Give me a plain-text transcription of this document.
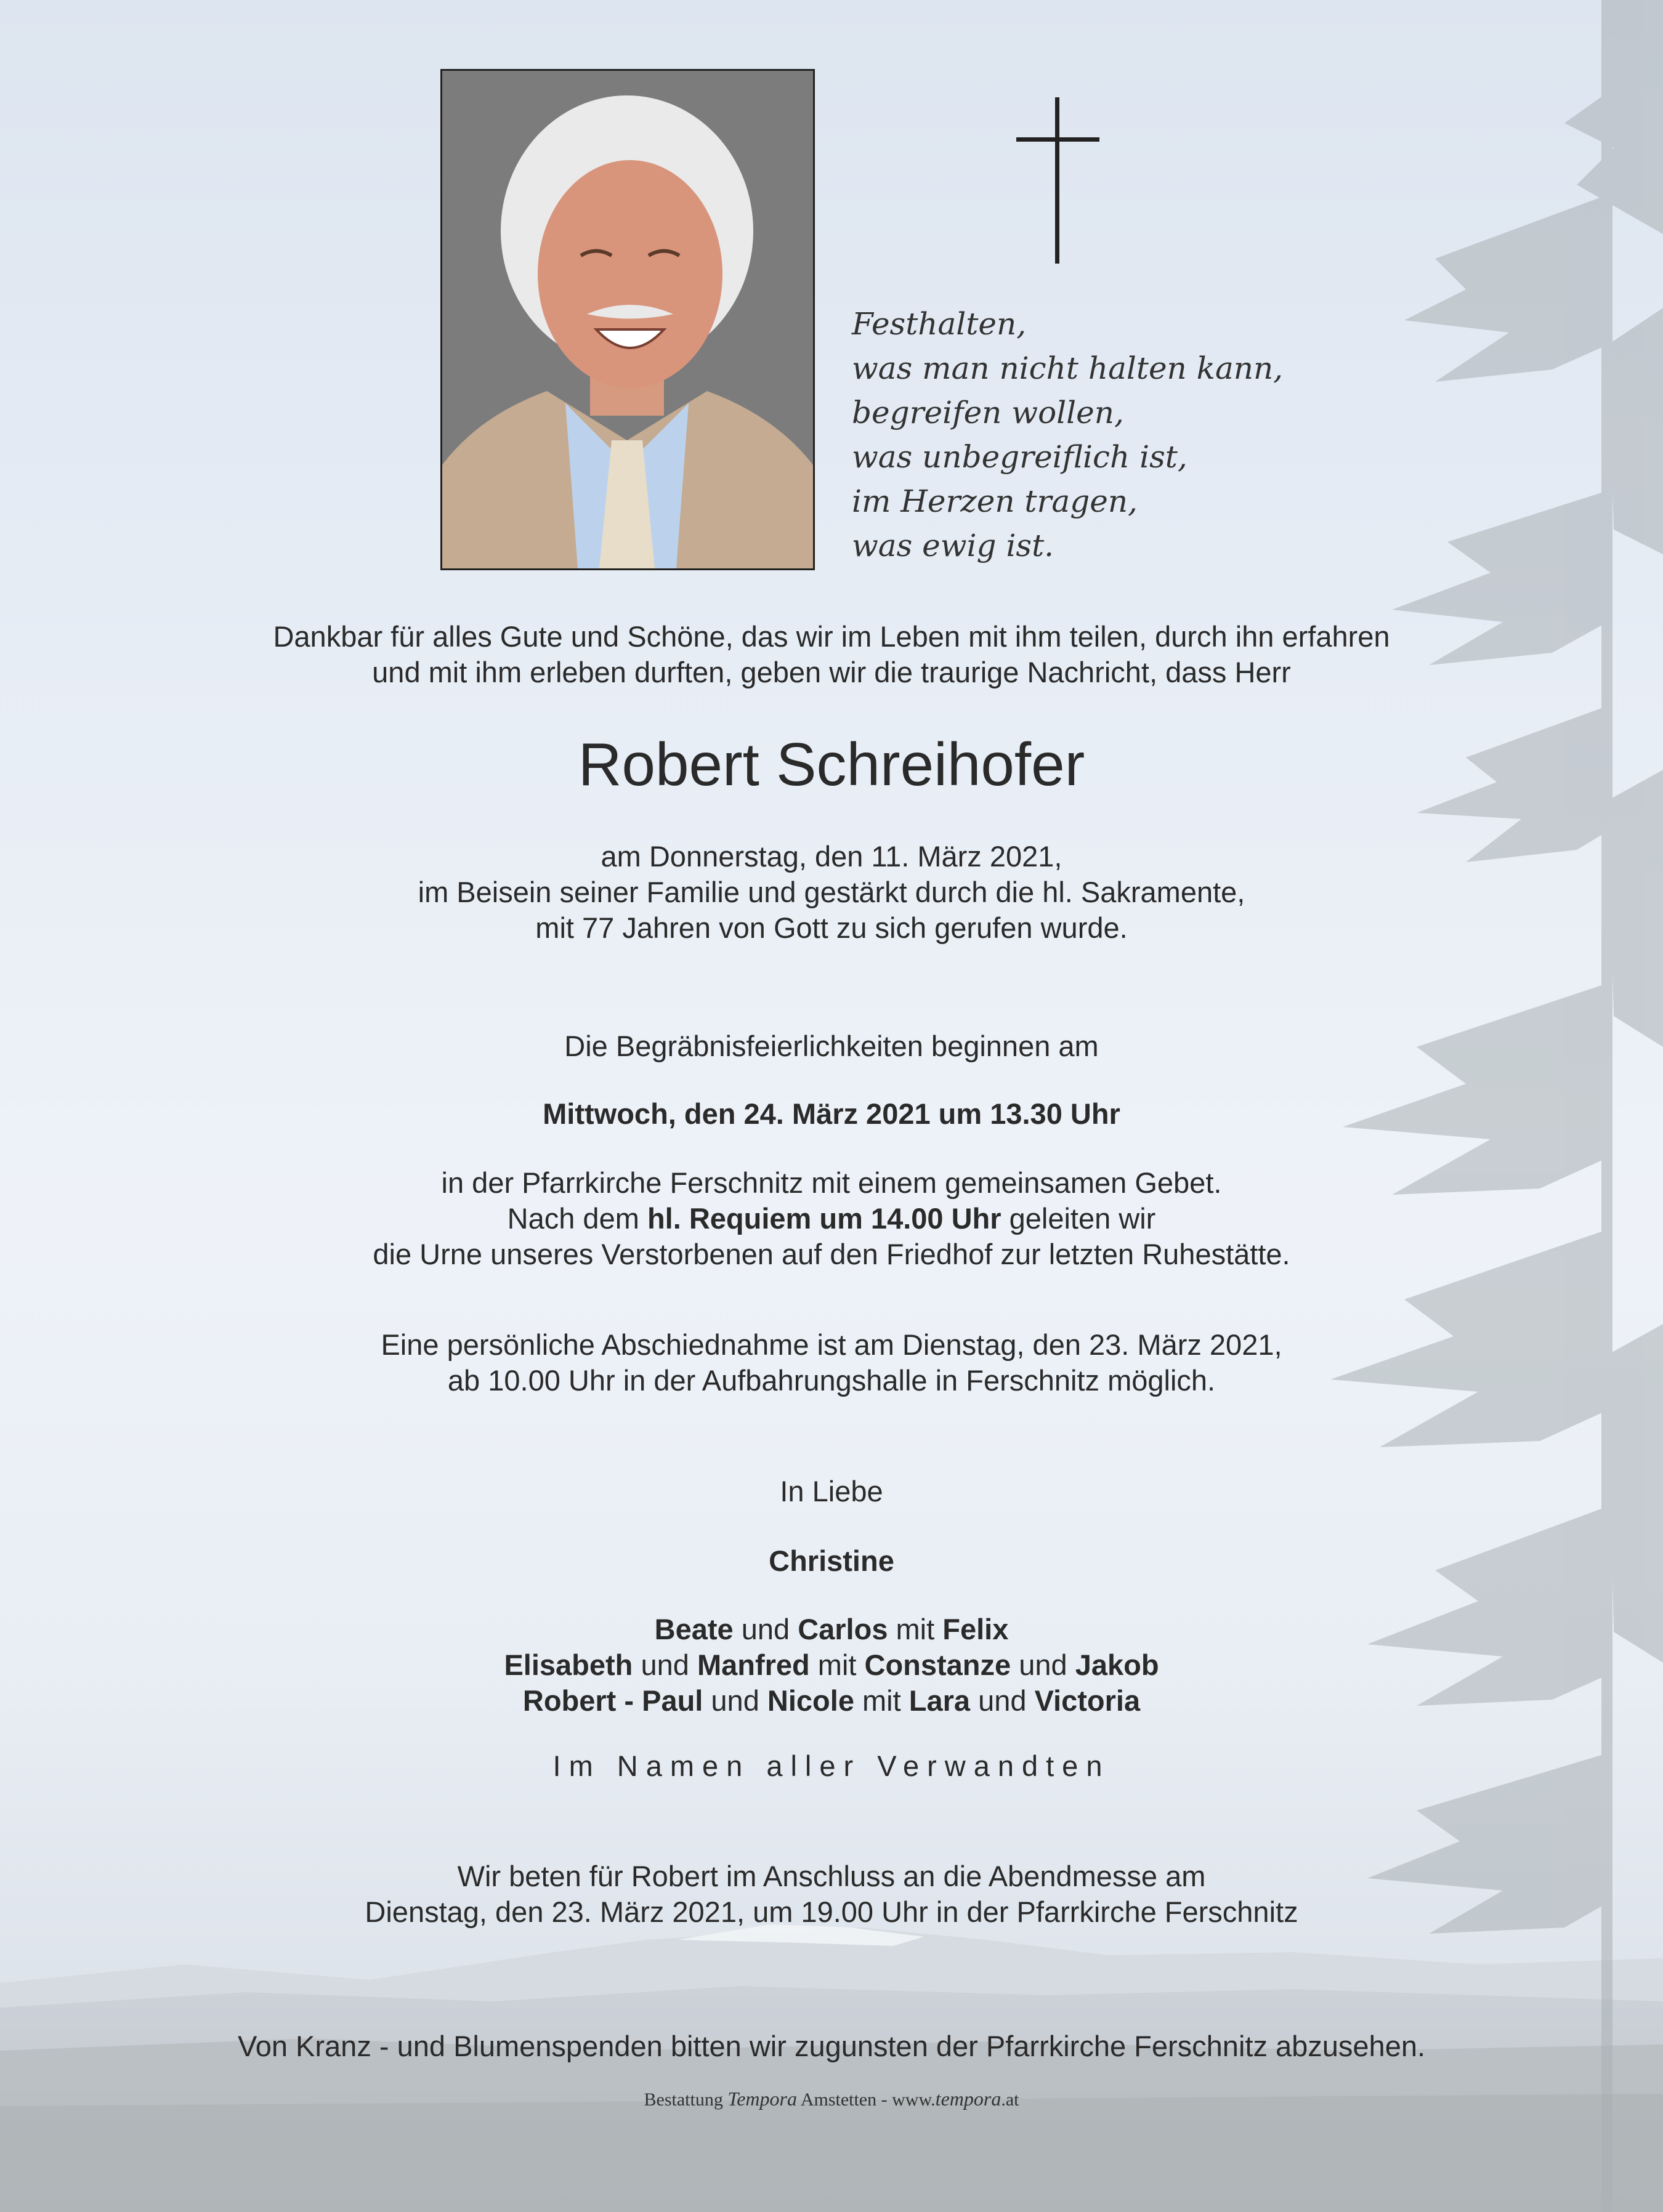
Festhalten,
was man nicht halten kann,
begreifen wollen,
was unbegreiflich ist,
im Herzen tragen,
was ewig ist.
Dankbar für alles Gute und Schöne, das wir im Leben mit ihm teilen, durch ihn erfahren
und mit ihm erleben durften, geben wir die traurige Nachricht, dass Herr
Robert Schreihofer
am Donnerstag, den 11. März 2021,
im Beisein seiner Familie und gestärkt durch die hl. Sakramente,
mit 77 Jahren von Gott zu sich gerufen wurde.
Die Begräbnisfeierlichkeiten beginnen am
Mittwoch, den 24. März 2021 um 13.30 Uhr
in der Pfarrkirche Ferschnitz mit einem gemeinsamen Gebet.
Nach dem hl. Requiem um 14.00 Uhr geleiten wir
die Urne unseres Verstorbenen auf den Friedhof zur letzten Ruhestätte.
Eine persönliche Abschiednahme ist am Dienstag, den 23. März 2021,
ab 10.00 Uhr in der Aufbahrungshalle in Ferschnitz möglich.
In Liebe
Christine
Beate und Carlos mit Felix
Elisabeth und Manfred mit Constanze und Jakob
Robert - Paul und Nicole mit Lara und Victoria
Im Namen aller Verwandten
Wir beten für Robert im Anschluss an die Abendmesse am
Dienstag, den 23. März 2021, um 19.00 Uhr in der Pfarrkirche Ferschnitz
Von Kranz - und Blumenspenden bitten wir zugunsten der Pfarrkirche Ferschnitz abzusehen.
Bestattung Tempora Amstetten - www.tempora.at
